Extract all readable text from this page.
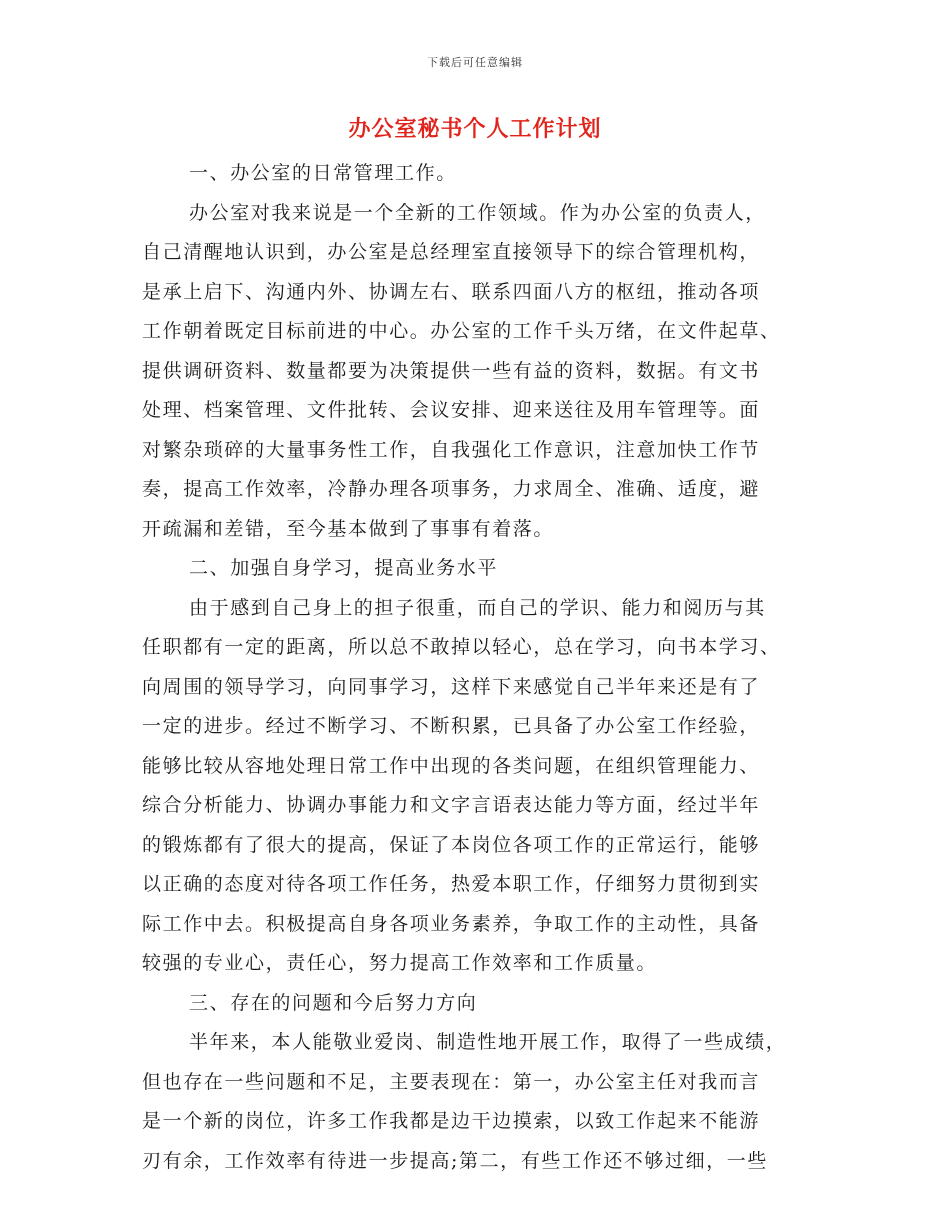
下载后可任意编辑
办公室秘书个人工作计划
一、办公室的日常管理工作。
办公室对我来说是一个全新的工作领域。作为办公室的负责人，
自己清醒地认识到，办公室是总经理室直接领导下的综合管理机构，
是承上启下、沟通内外、协调左右、联系四面八方的枢纽，推动各项
工作朝着既定目标前进的中心。办公室的工作千头万绪，在文件起草、
提供调研资料、数量都要为决策提供一些有益的资料，数据。有文书
处理、档案管理、文件批转、会议安排、迎来送往及用车管理等。面
对繁杂琐碎的大量事务性工作，自我强化工作意识，注意加快工作节
奏，提高工作效率，冷静办理各项事务，力求周全、准确、适度，避
开疏漏和差错，至今基本做到了事事有着落。
二、加强自身学习，提高业务水平
由于感到自己身上的担子很重，而自己的学识、能力和阅历与其
任职都有一定的距离，所以总不敢掉以轻心，总在学习，向书本学习、
向周围的领导学习，向同事学习，这样下来感觉自己半年来还是有了
一定的进步。经过不断学习、不断积累，已具备了办公室工作经验，
能够比较从容地处理日常工作中出现的各类问题，在组织管理能力、
综合分析能力、协调办事能力和文字言语表达能力等方面，经过半年
的锻炼都有了很大的提高，保证了本岗位各项工作的正常运行，能够
以正确的态度对待各项工作任务，热爱本职工作，仔细努力贯彻到实
际工作中去。积极提高自身各项业务素养，争取工作的主动性，具备
较强的专业心，责任心，努力提高工作效率和工作质量。
三、存在的问题和今后努力方向
半年来，本人能敬业爱岗、制造性地开展工作，取得了一些成绩，
但也存在一些问题和不足，主要表现在：第一，办公室主任对我而言
是一个新的岗位，许多工作我都是边干边摸索，以致工作起来不能游
刃有余，工作效率有待进一步提高;第二，有些工作还不够过细，一些
